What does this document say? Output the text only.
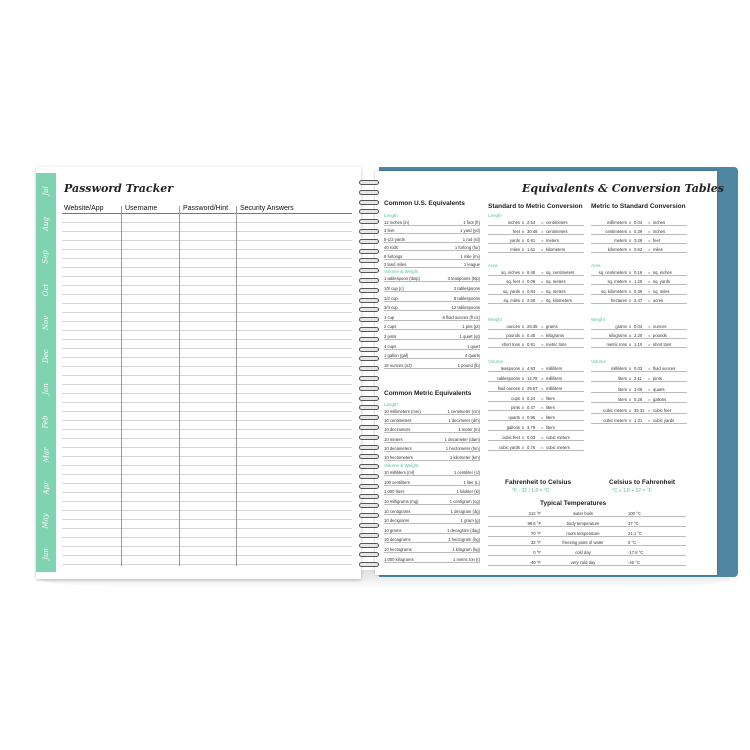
Jul
Aug
Sep
Oct
Nov
Dec
Jan
Feb
Mar
Apr
May
Jun
Password Tracker
Website/App	Username	Password/Hint Security Answers
Equivalents & Conversion Tables
Common U.S. Equivalents
Length
12 inches (in)	1 foot (ft)
3 feet	1 yard (yd)
5-1/2 yards	1 rod (rd)
40 rods	1 furlong (fur)
8 furlongs	1 mile (mi)
3 land miles	1 league
Volume & Weight
1 tablespoon (tbsp)	3 teaspoons (tsp)
1/8 cup (c)	2 tablespoons
1/2 cup	8 tablespoons
3/4 cup	12 tablespoons
1 cup	8 fluid ounces (fl oz)
2 cups	1 pint (pt)
2 pints	1 quart (qt)
4 cups	1 quart
1 gallon (gal)	4 quarts
16 ounces (oz)	1 pound (lb)
Common Metric Equivalents
Length
10 millimeters (mm)	1 centimeter (cm)
10 centimeters	1 decimeter (dm)
10 decimeters	1 meter (m)
10 meters	1 decameter (dam)
10 decameters	1 hectometer (hm)
10 hectometers	1 kilometer (km)
Volume & Weight
10 milliliters (ml)	1 centiliter (cl)
100 centiliters	1 liter (L)
1,000 liters	1 kiloliter (kl)
10 milligrams (mg)	1 centigram (cg)
10 centigrams	1 decigram (dg)
10 decigrams	1 gram (g)
10 grams	1 decagram (dag)
10 decagrams	1 hectogram (hg)
10 hectograms	1 kilogram (kg)
1,000 kilograms	1 metric ton (t)
Standard to Metric Conversion
Length
inches x 2.54	= centimeters
feet x 30.48 = centimeters
yards x 0.91	= meters
miles x 1.61	= kilometers
Area
sq. inches x 6.45	= sq. centimeters
sq. feet x 0.09	= sq. meters
sq. yards x 0.84	= sq. meters
sq. miles x 2.59	= sq. kilometers
Weight
ounces x 28.35 = grams
pounds x 0.45	= kilograms
short tons x 0.91	= metric tons
Volume
teaspoons x 4.93	= milliliters
tablespoons x 14.79 = milliliters
fluid ounces x 29.57 = milliliters
cups x 0.24	= liters
pints x 0.47	= liters
quarts x 0.95	= liters
gallons x 3.79	= liters
cubic feet x 0.03	= cubic meters
cubic yards x 0.76	= cubic meters
Metric to Standard Conversion
millimeters x 0.04	= inches
centimeters x 0.39	= inches
meters x 3.28	= feet
kilometers x 0.62	= miles
Area
sq. centimeters x 0.16	= sq. inches
sq. meters x 1.20	= sq. yards
sq. kilometers x 0.39	= sq. miles
hectares x 2.47	= acres
Weight
grams x 0.04	= ounces
kilograms x 2.20	= pounds
metric tons x 1.10	= short tons
Volume
milliliters x 0.03	= fluid ounces
liters x 2.11	= pints
liters x 1.06	= quarts
liters x 0.26	= gallons
cubic meters x 35.31 = cubic feet
cubic meters x 1.31	= cubic yards
Fahrenheit to Celsius
°F - 32 / 1.8 = °C
Celsius to Fahrenheit
°C x 1.8 + 32 = °F
Typical Temperatures
212 °F	water boils	100 °C
98.6 °F	body temperature	37 °C
70 °F	room temperature	21.1 °C
32 °F	freezing point of water	0 °C
0 °F	cold day	-17.8 °C
-40 °F	very cold day	-40 °C
